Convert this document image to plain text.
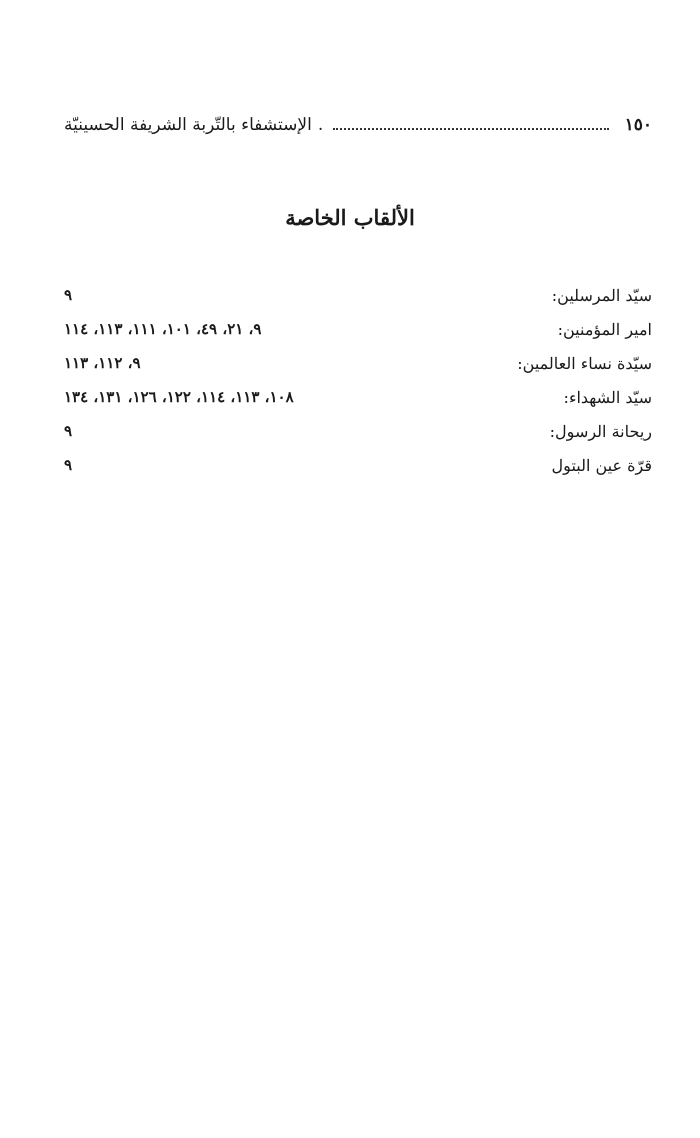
١٥٠
.
الإستشفاء بالتّربة الشريفة الحسينيّة
الألقاب الخاصة
سيّد المرسلين:
٩
امير المؤمنين:
٩، ٢١، ٤٩، ١٠١، ١١١، ١١٣، ١١٤
سيّدة نساء العالمين:
٩، ١١٢، ١١٣
سيّد الشهداء:
١٠٨، ١١٣، ١١٤، ١٢٢، ١٢٦، ١٣١، ١٣٤
ريحانة الرسول:
٩
قرّة عين البتول
٩
